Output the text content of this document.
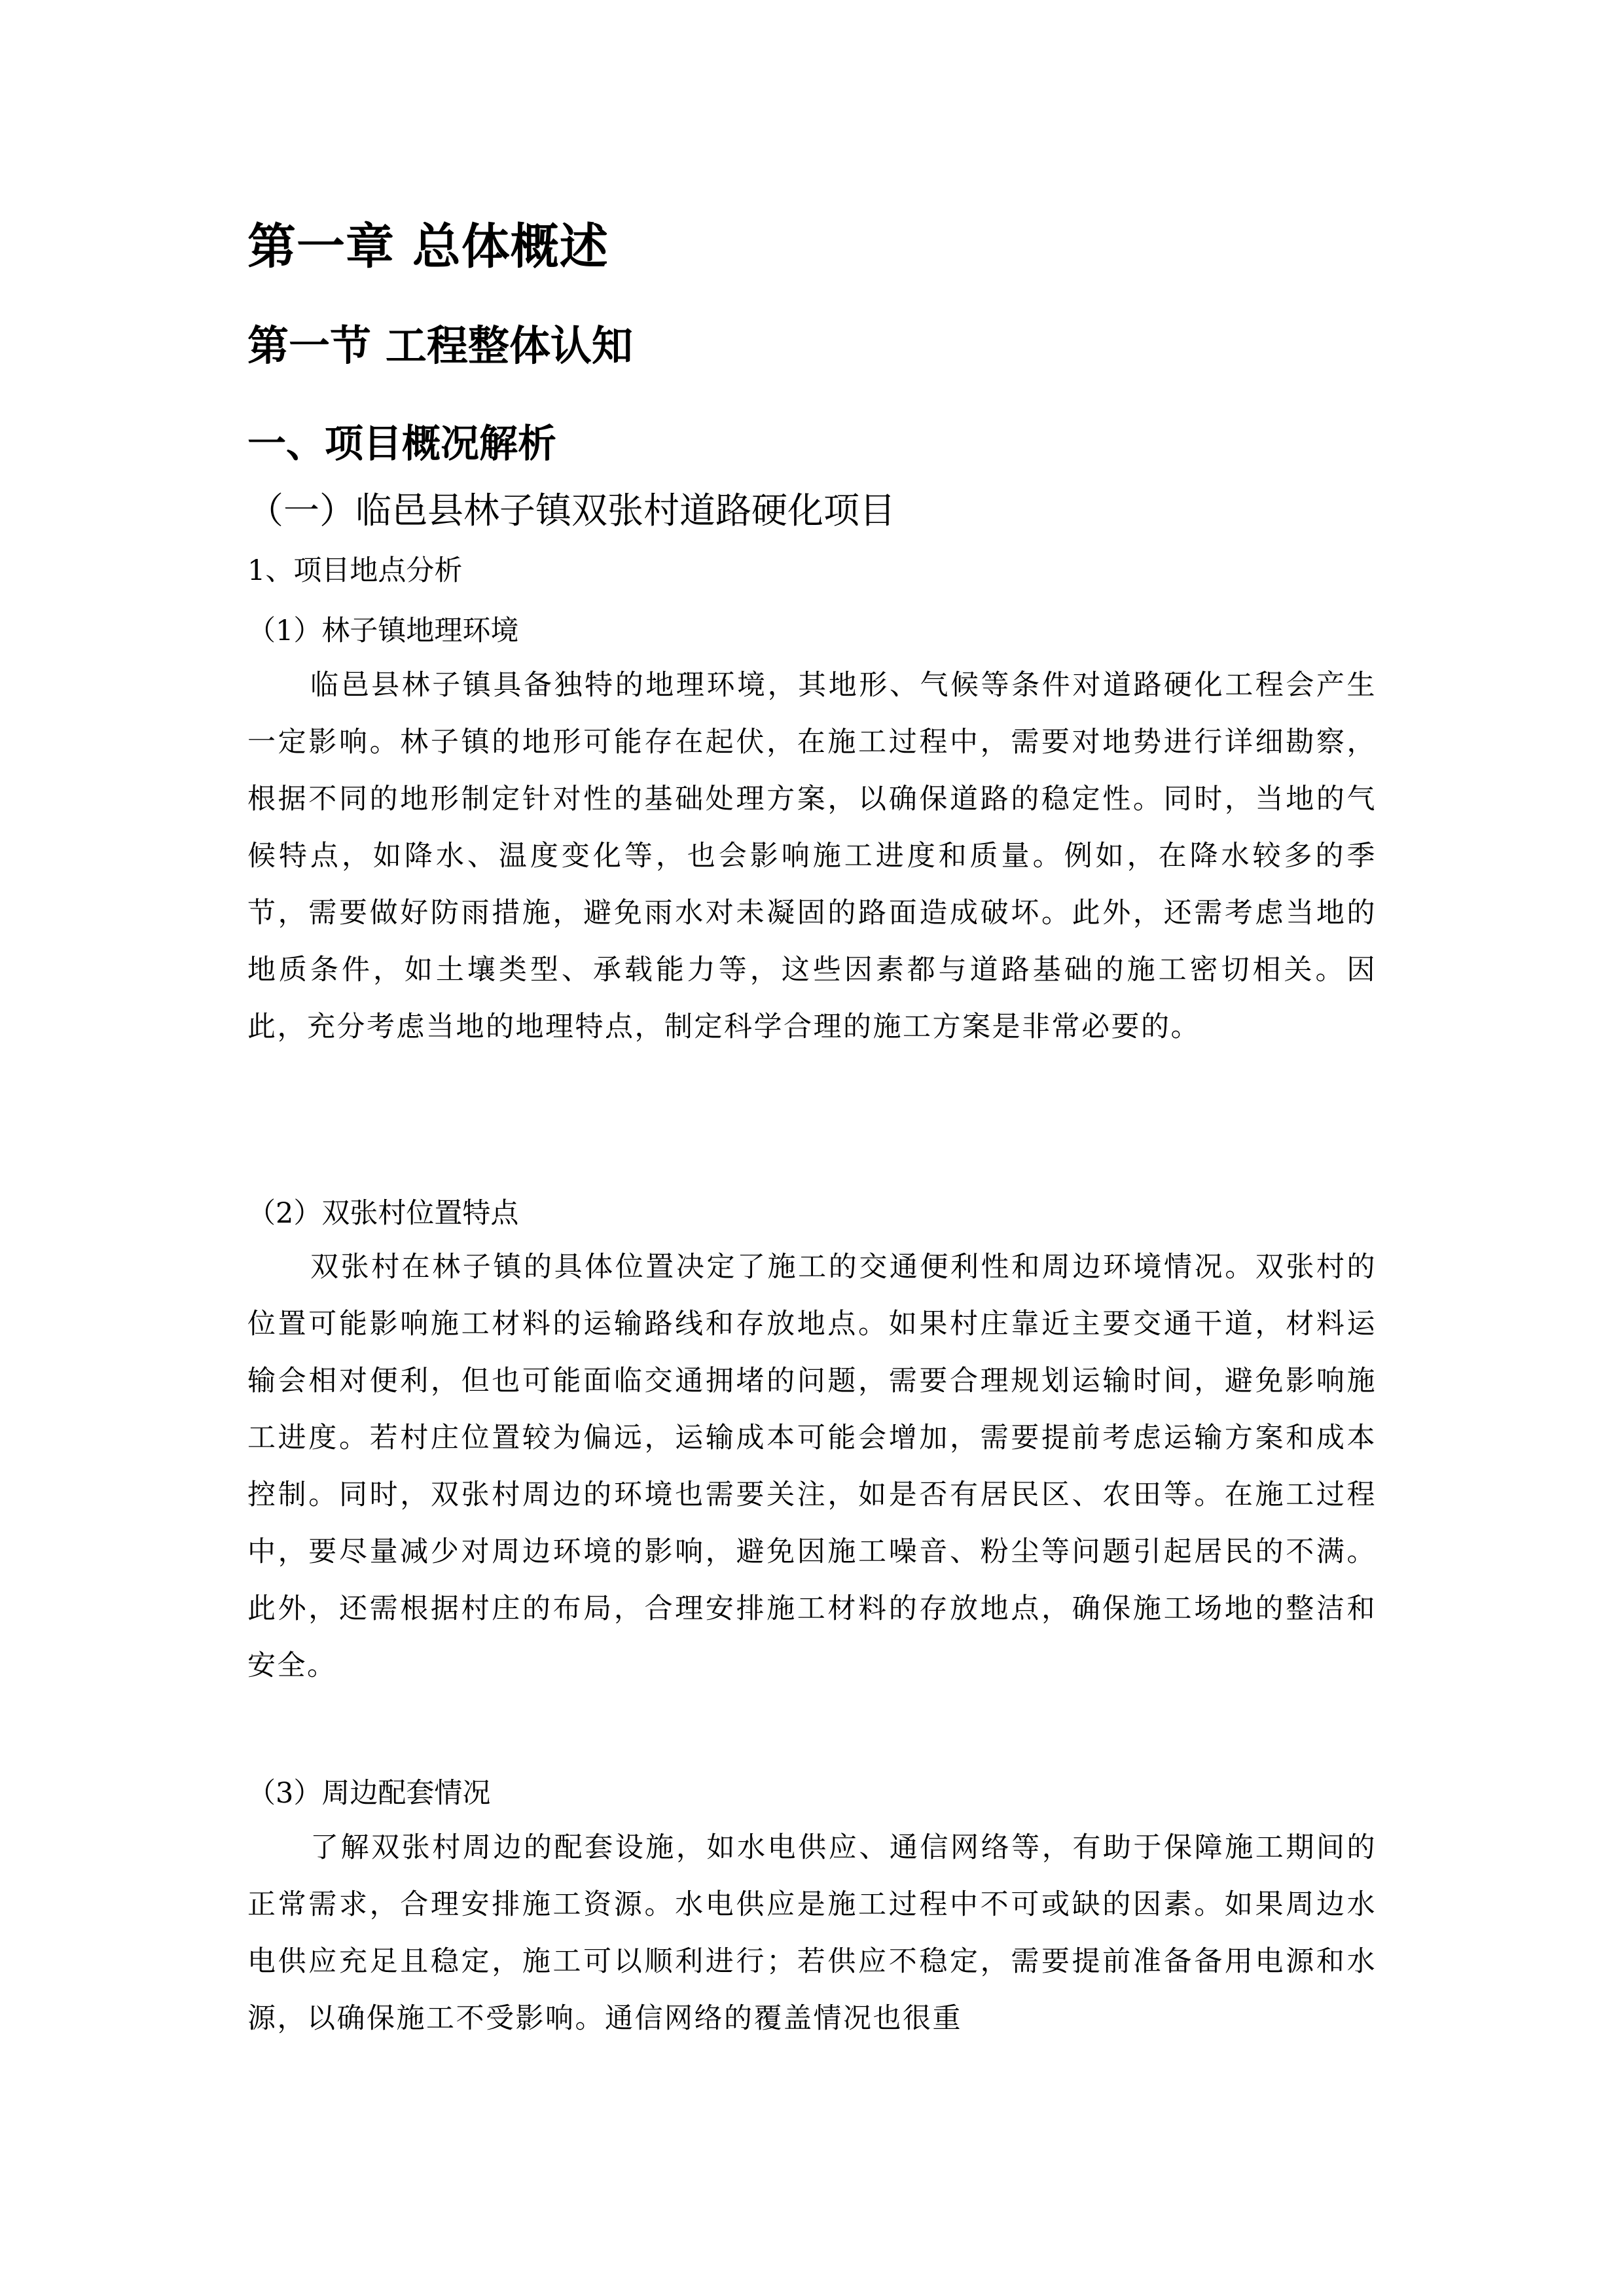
第一章 总体概述
第一节 工程整体认知
一、项目概况解析
（一）临邑县林子镇双张村道路硬化项目
1、项目地点分析
（1）林子镇地理环境

临邑县林子镇具备独特的地理环境，其地形、气候等条件对道路硬化工程会产生一定影响。林子镇的地形可能存在起伏，在施工过程中，需要对地势进行详细勘察，根据不同的地形制定针对性的基础处理方案，以确保道路的稳定性。同时，当地的气候特点，如降水、温度变化等，也会影响施工进度和质量。例如，在降水较多的季节，需要做好防雨措施，避免雨水对未凝固的路面造成破坏。此外，还需考虑当地的地质条件，如土壤类型、承载能力等，这些因素都与道路基础的施工密切相关。因此，充分考虑当地的地理特点，制定科学合理的施工方案是非常必要的。

（2）双张村位置特点

双张村在林子镇的具体位置决定了施工的交通便利性和周边环境情况。双张村的位置可能影响施工材料的运输路线和存放地点。如果村庄靠近主要交通干道，材料运输会相对便利，但也可能面临交通拥堵的问题，需要合理规划运输时间，避免影响施工进度。若村庄位置较为偏远，运输成本可能会增加，需要提前考虑运输方案和成本控制。同时，双张村周边的环境也需要关注，如是否有居民区、农田等。在施工过程中，要尽量减少对周边环境的影响，避免因施工噪音、粉尘等问题引起居民的不满。此外，还需根据村庄的布局，合理安排施工材料的存放地点，确保施工场地的整洁和安全。

（3）周边配套情况

了解双张村周边的配套设施，如水电供应、通信网络等，有助于保障施工期间的正常需求，合理安排施工资源。水电供应是施工过程中不可或缺的因素。如果周边水电供应充足且稳定，施工可以顺利进行；若供应不稳定，需要提前准备备用电源和水源，以确保施工不受影响。通信网络的覆盖情况也很重
